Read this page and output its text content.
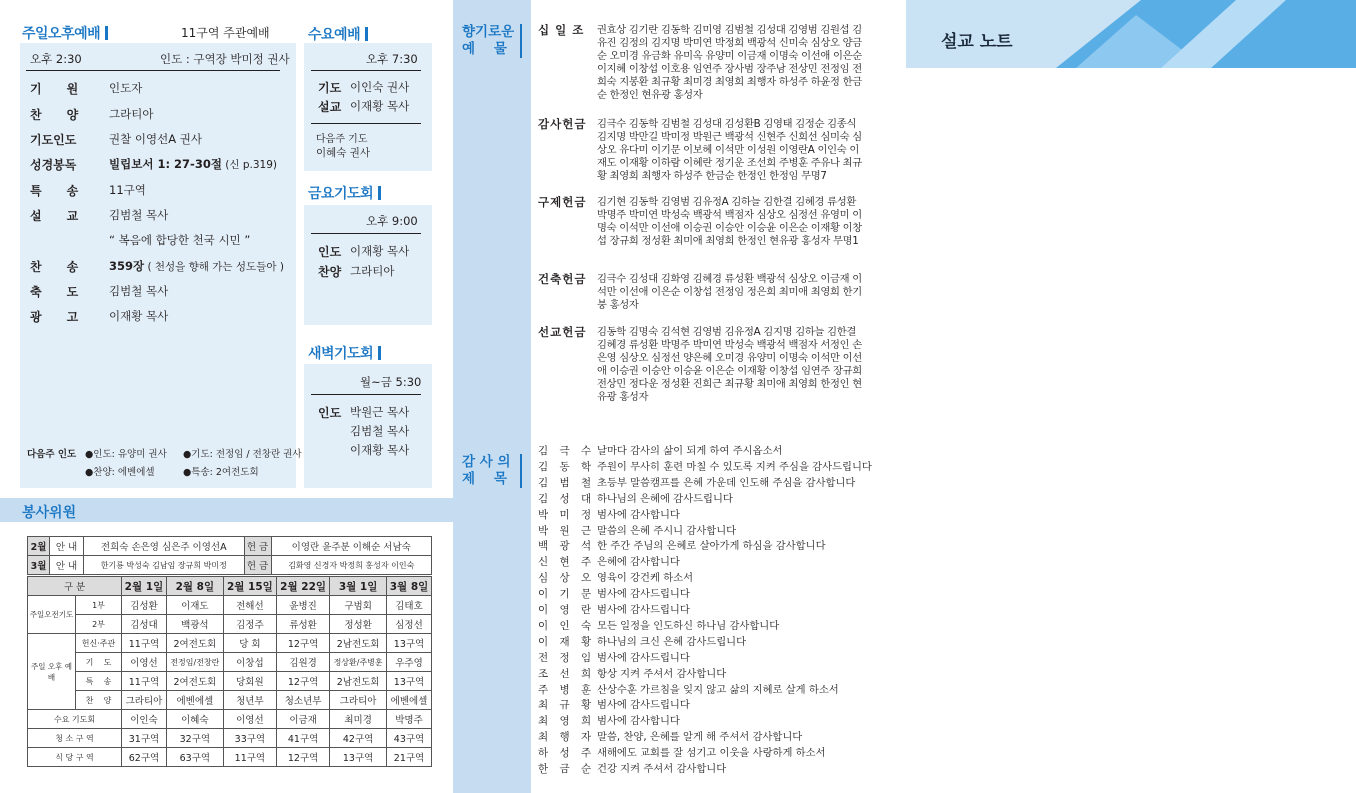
주일오후예배	11구역 주관예배
오후 2:30	인도 : 구역장 박미정 권사
기      원	인도자
찬      양	그라티아
기도인도	권찰 이영선A 권사
성경봉독	빌립보서 1: 27-30절 (신 p.319)
특      송	11구역
설      교	김범철 목사
“ 복음에 합당한 천국 시민 ”
찬      송	359장 ( 천성을 향해 가는 성도들아 )
축      도	김범철 목사
광      고	이재황 목사
다음주 인도 ●인도: 유양미 권사 ●기도: 전정임 / 전창란 권사
●찬양: 에벤에셀	●특송: 2여전도회
수요예배
오후 7:30
기도 이인숙 권사
설교 이재황 목사
다음주 기도
이혜숙 권사
금요기도회
오후 9:00
인도 이재황 목사
찬양 그라티아
새벽기도회
월~금 5:30
인도 박원근 목사
김범철 목사
이재황 목사
봉사위원
2월	안 내	전희숙 손은영 심은주 이영선A	헌 금	이영란 윤주분 이해순 서남숙
3월	안 내	한기룡 박성숙 김남임 장규희 박미정	헌 금	김화영 신경자 박정희 홍성자 이인숙
구 분		2월 1일	2월 8일	2월 15일	2월 22일	3월 1일	3월 8일
주일오전기도	1부	김성환	이재도	전해선	윤병진	구범회	김태호
	2부	김성대	백광석	김정주	류성환	정성환	심정선
주일 오후 예배	헌신·주관	11구역	2여전도회	당 회	12구역	2남전도회	13구역
	기    도	이영선	전정임/전창란	이창섭	김원경	정상환/주병훈	우주영
	특    송	11구역	2여전도회	당회원	12구역	2남전도회	13구역
	찬    양	그라티아	에벤에셀	청년부	청소년부	그라티아	에벤에셀
수요 기도회		이인숙	이혜숙	이영선	이금재	최미경	박명주
청 소 구 역		31구역	32구역	33구역	41구역	42구역	43구역
식 당 구 역		62구역	63구역	11구역	12구역	13구역	21구역
향기로운
예    물
감 사 의
제    목
십 일 조	권효상 김기란 김동학 김미영 김범철 김성대 김영범 김원섭 김유진 김정의 김지명 박미연 박정희 백광석 신미숙 심상오 양금순 오미경 유금화 유미옥 유양미 이금재 이명숙 이선애 이은순 이지혜 이창섭 이호용 임연주 장사범 장주남 전상민 전정임 전희숙 지봉환 최규황 최미경 최영희 최행자 하성주 하윤정 한금순 한정인 현유광 홍성자
감사헌금 김극수 김동학 김범철 김성대 김성환B 김영태 김정순 김종식 김지명 박만길 박미정 박원근 백광석 신현주 신희선 심미숙 심상오 유다미 이기문 이보혜 이석만 이성원 이영란A 이인숙 이재도 이재황 이하람 이혜란 정기운 조선희 주병훈 주유나 최규황 최영희 최행자 하성주 한금순 한정인 한정임 무명7
구제헌금 김기현 김동학 김영범 김유정A 김하늘 김한결 김혜경 류성환 박명주 박미연 박성숙 백광석 백점자 심상오 심정선 유영미 이명숙 이석만 이선애 이승권 이승안 이승윤 이은순 이재황 이창섭 장규희 정성환 최미애 최영희 한정인 현유광 홍성자 무명1
건축헌금 김극수 김성대 김화영 김혜경 류성환 백광석 심상오 이금재 이석만 이선애 이은순 이창섭 전정임 정은희 최미애 최영희 한기붕 홍성자
선교헌금 김동학 김명숙 김석현 김영범 김유정A 김지명 김하늘 김한결 김혜경 류성환 박명주 박미연 박성숙 백광석 백점자 서정인 손은영 심상오 심정선 양은혜 오미경 유양미 이명숙 이석만 이선애 이승권 이승안 이승윤 이은순 이재황 이창섭 임연주 장규희 전상민 정다운 정성환 진희근 최규황 최미애 최영희 한정인 현유광 홍성자
김 극 수 날마다 감사의 삶이 되게 하여 주시옵소서
김 동 학 주원이 무사히 훈련 마칠 수 있도록 지켜 주심을 감사드립니다
김 범 철 초등부 말씀캠프를 은혜 가운데 인도해 주심을 감사합니다
김 성 대 하나님의 은혜에 감사드립니다
박 미 정 범사에 감사합니다
박 원 근 말씀의 은혜 주시니 감사합니다
백 광 석 한 주간 주님의 은혜로 살아가게 하심을 감사합니다
신 현 주 은혜에 감사합니다
심 상 오 영육이 강건케 하소서
이 기 문 범사에 감사드립니다
이 영 란 범사에 감사드립니다
이 인 숙 모든 일정을 인도하신 하나님 감사합니다
이 재 황 하나님의 크신 은혜 감사드립니다
전 정 임 범사에 감사드립니다
조 선 희 항상 지켜 주셔서 감사합니다
주 병 훈 산상수훈 가르침을 잊지 않고 삶의 지혜로 살게 하소서
최 규 황 범사에 감사드립니다
최 영 희 범사에 감사합니다
최 행 자 말씀, 찬양, 은혜를 알게 해 주셔서 감사합니다
하 성 주 새해에도 교회를 잘 섬기고 이웃을 사랑하게 하소서
한 금 순 건강 지켜 주셔서 감사합니다
설교 노트
